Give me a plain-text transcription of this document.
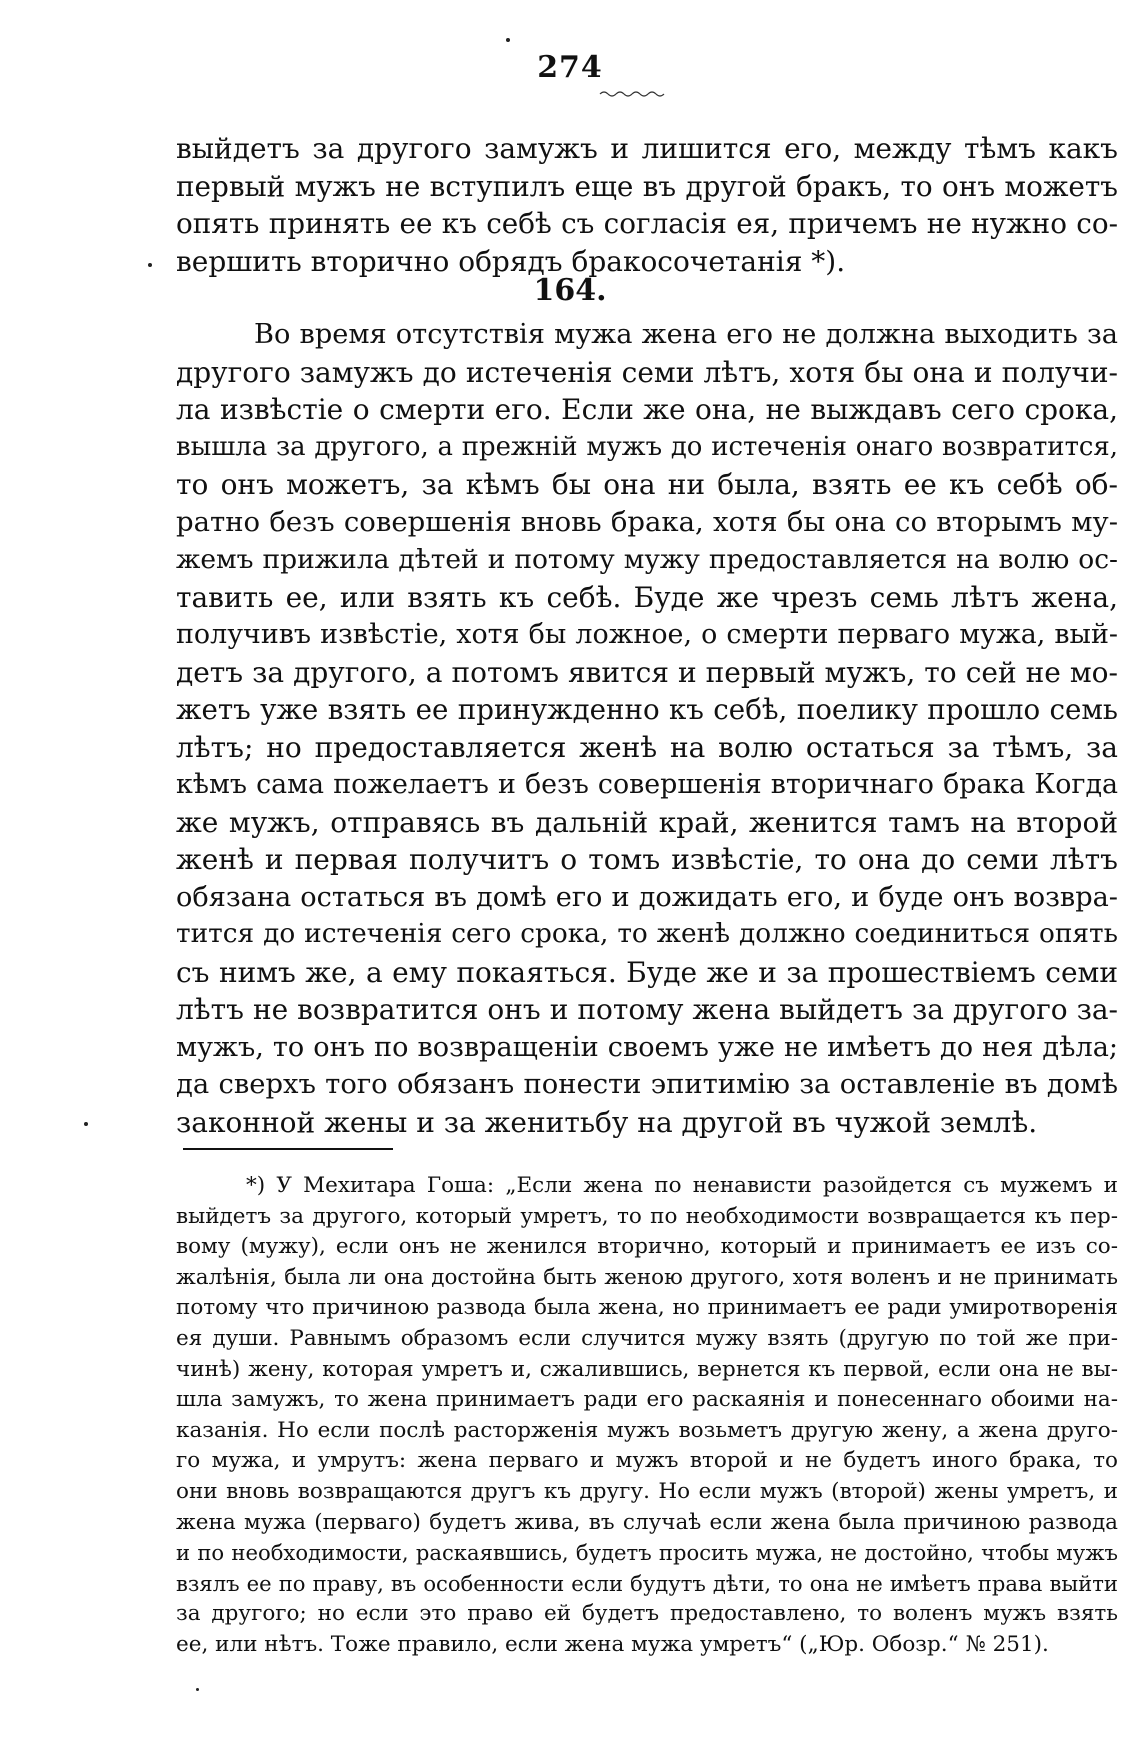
274
выйдетъ за другого замужъ и лишится его, между тѣмъ какъ
первый мужъ не вступилъ еще въ другой бракъ, то онъ можетъ
опять принять ее къ себѣ съ согласія ея, причемъ не нужно со-
вершить вторично обрядъ бракосочетанія *).
164.
Во время отсутствія мужа жена его не должна выходить за
другого замужъ до истеченія семи лѣтъ, хотя бы она и получи-
ла извѣстіе о смерти его. Если же она, не выждавъ сего срока,
вышла за другого, а прежній мужъ до истеченія онаго возвратится,
то онъ можетъ, за кѣмъ бы она ни была, взять ее къ себѣ об-
ратно безъ совершенія вновь брака, хотя бы она со вторымъ му-
жемъ прижила дѣтей и потому мужу предоставляется на волю ос-
тавить ее, или взять къ себѣ. Буде же чрезъ семь лѣтъ жена,
получивъ извѣстіе, хотя бы ложное, о смерти перваго мужа, вый-
детъ за другого, а потомъ явится и первый мужъ, то сей не мо-
жетъ уже взять ее принужденно къ себѣ, поелику прошло семь
лѣтъ; но предоставляется женѣ на волю остаться за тѣмъ, за
кѣмъ сама пожелаетъ и безъ совершенія вторичнаго брака Когда
же мужъ, отправясь въ дальній край, женится тамъ на второй
женѣ и первая получитъ о томъ извѣстіе, то она до семи лѣтъ
обязана остаться въ домѣ его и дожидать его, и буде онъ возвра-
тится до истеченія сего срока, то женѣ должно соединиться опять
съ нимъ же, а ему покаяться. Буде же и за прошествіемъ семи
лѣтъ не возвратится онъ и потому жена выйдетъ за другого за-
мужъ, то онъ по возвращеніи своемъ уже не имѣетъ до нея дѣла;
да сверхъ того обязанъ понести эпитимію за оставленіе въ домѣ
законной жены и за женитьбу на другой въ чужой землѣ.
*) У Мехитара Гоша: „Если жена по ненависти разойдется съ мужемъ и
выйдетъ за другого, который умретъ, то по необходимости возвращается къ пер-
вому (мужу), если онъ не женился вторично, который и принимаетъ ее изъ со-
жалѣнія, была ли она достойна быть женою другого, хотя воленъ и не принимать
потому что причиною развода была жена, но принимаетъ ее ради умиротворенія
ея души. Равнымъ образомъ если случится мужу взять (другую по той же при-
чинѣ) жену, которая умретъ и, сжалившись, вернется къ первой, если она не вы-
шла замужъ, то жена принимаетъ ради его раскаянія и понесеннаго обоими на-
казанія. Но если послѣ расторженія мужъ возьметъ другую жену, а жена друго-
го мужа, и умрутъ: жена перваго и мужъ второй и не будетъ иного брака, то
они вновь возвращаются другъ къ другу. Но если мужъ (второй) жены умретъ, и
жена мужа (перваго) будетъ жива, въ случаѣ если жена была причиною развода
и по необходимости, раскаявшись, будетъ просить мужа, не достойно, чтобы мужъ
взялъ ее по праву, въ особенности если будутъ дѣти, то она не имѣетъ права выйти
за другого; но если это право ей будетъ предоставлено, то воленъ мужъ взять
ее, или нѣтъ. Тоже правило, если жена мужа умретъ“ („Юр. Обозр.“ № 251).
